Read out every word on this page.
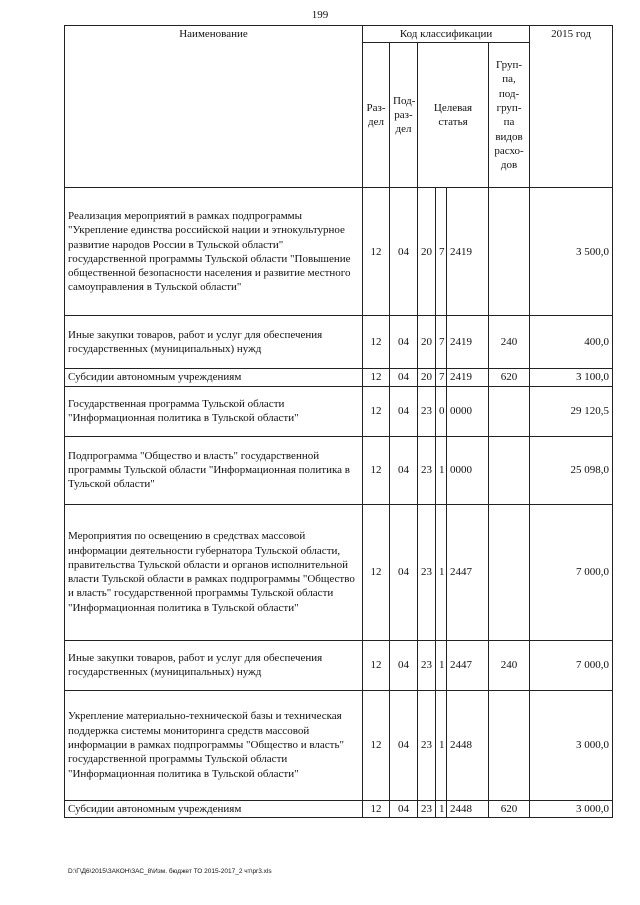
199
Наименование	Код классификации						2015 год
	Раз-дел	Под-раз-дел	Целевая статья			Груп-па, под-груп-па видов расхо-дов	
Реализация мероприятий в рамках подпрограммы "Укрепление единства российской нации и этнокультурное развитие народов России в Тульской области" государственной программы Тульской области "Повышение общественной безопасности населения и развитие местного самоуправления в Тульской области"	12	04	20	7	2419		3 500,0
Иные закупки товаров, работ и услуг для обеспечения государственных (муниципальных) нужд	12	04	20	7	2419	240	400,0
Субсидии автономным учреждениям	12	04	20	7	2419	620	3 100,0
Государственная программа Тульской области "Информационная политика в Тульской области"	12	04	23	0	0000		29 120,5
Подпрограмма "Общество и власть" государственной программы Тульской области "Информационная политика в Тульской области"	12	04	23	1	0000		25 098,0
Мероприятия по освещению в средствах массовой информации деятельности губернатора Тульской области, правительства Тульской области и органов исполнительной власти Тульской области в рамках подпрограммы "Общество и власть" государственной программы Тульской области "Информационная политика в Тульской области"	12	04	23	1	2447		7 000,0
Иные закупки товаров, работ и услуг для обеспечения государственных (муниципальных) нужд	12	04	23	1	2447	240	7 000,0
Укрепление материально-технической базы и техническая поддержка системы мониторинга средств массовой информации в рамках подпрограммы "Общество и власть" государственной программы Тульской области "Информационная политика в Тульской области"	12	04	23	1	2448		3 000,0
Субсидии автономным учреждениям	12	04	23	1	2448	620	3 000,0
D:\Г\Д6\2015\ЗАКОН\ЗАС_8\Изм. бюджет ТО 2015-2017_2 чт\pr3.xls
